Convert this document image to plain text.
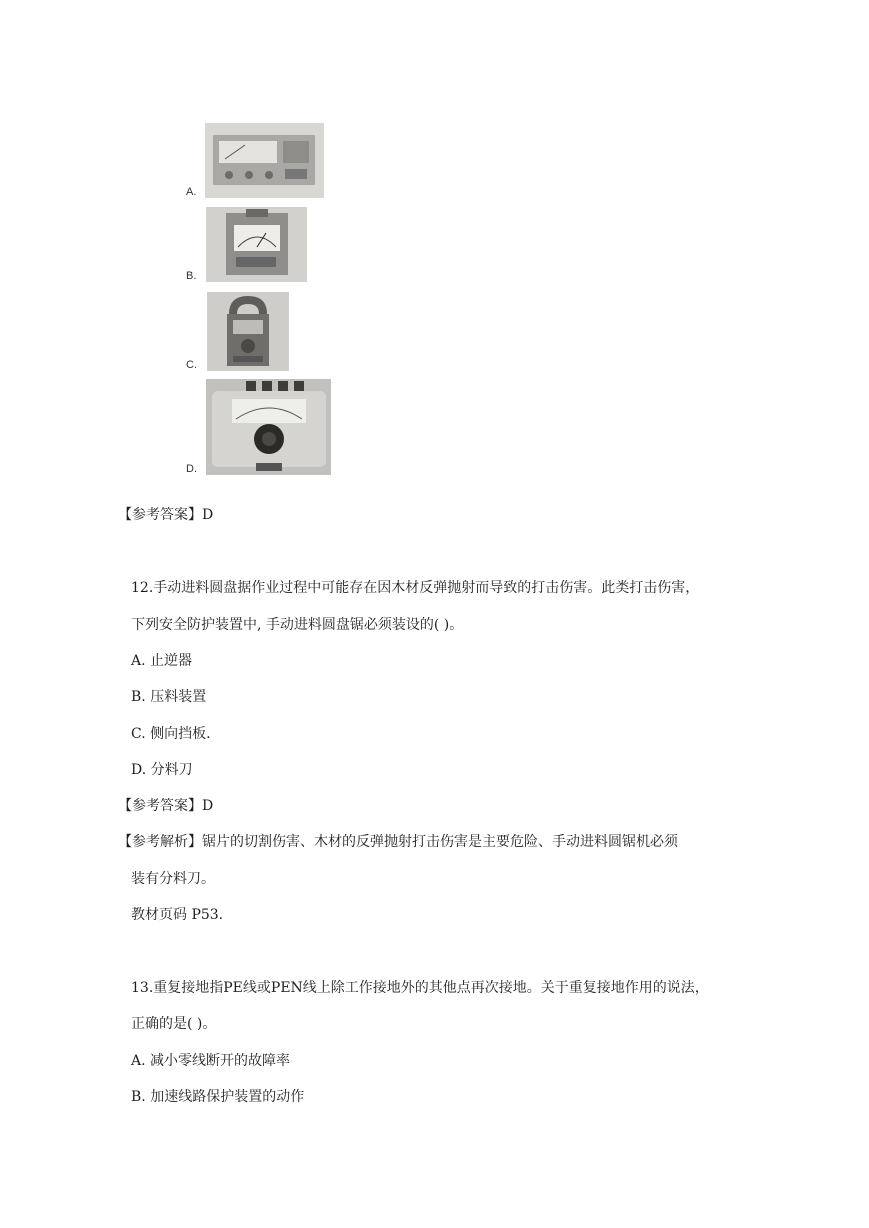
A.
B.
C.
D.
【参考答案】D
12.手动进料圆盘据作业过程中可能存在因木材反弹抛射而导致的打击伤害。此类打击伤害，
下列安全防护装置中, 手动进料圆盘锯必须装设的( )。
A. 止逆器
B. 压料装置
C. 侧向挡板.
D. 分料刀
【参考答案】D
【参考解析】锯片的切割伤害、木材的反弹抛射打击伤害是主要危险、手动进料圆锯机必须
装有分料刀。
教材页码 P53.
13.重复接地指PE线或PEN线上除工作接地外的其他点再次接地。关于重复接地作用的说法，
正确的是( )。
A. 减小零线断开的故障率
B. 加速线路保护装置的动作
